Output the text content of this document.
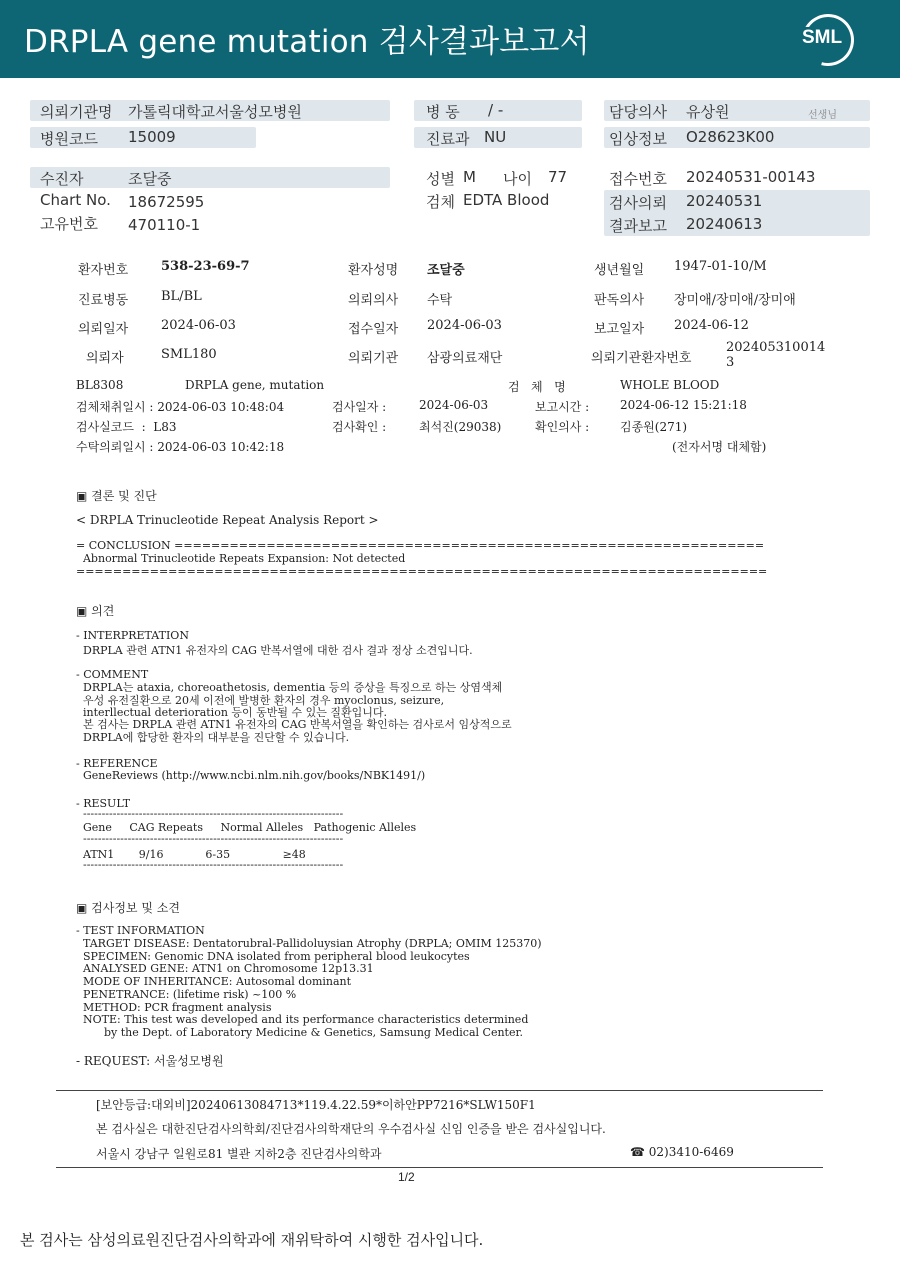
DRPLA gene mutation 검사결과보고서	SML
의뢰기관명 가톨릭대학교서울성모병원	병 동 / -	담당의사 유상원	선생님
병원코드 15009	진료과 NU	임상정보 O28623K00
수진자	조달중	성별 M 나이 77	접수번호 20240531-00143
Chart No. 18672595	검체 EDTA Blood	검사의뢰 20240531
고유번호 470110-1	결과보고 20240613
환자번호	538-23-69-7	환자성명 조달중	생년월일 1947-01-10/M
진료병동	BL/BL	의뢰의사 수탁	판독의사 장미애/장미애/장미애
의뢰일자	2024-06-03	접수일자 2024-06-03	보고일자 2024-06-12
의뢰자	SML180	의뢰기관 삼광의료재단	의뢰기관환자번호
202405310014
3
BL8308	DRPLA gene, mutation	검   체   명	WHOLE BLOOD
검체채취일시 : 2024-06-03 10:48:04	검사일자 :	2024-06-03	보고시간 :	2024-06-12 15:21:18
검사실코드  :  L83	검사확인 :	최석진(29038)	확인의사 :	김종원(271)
수탁의뢰일시 : 2024-06-03 10:42:18	(전자서명 대체함)
▣ 결론 및 진단
< DRPLA Trinucleotide Repeat Analysis Report >
= CONCLUSION ================================================================
Abnormal Trinucleotide Repeats Expansion: Not detected
===========================================================================
▣ 의견
- INTERPRETATION
DRPLA 관련 ATN1 유전자의 CAG 반복서열에 대한 검사 결과 정상 소견입니다.
- COMMENT
DRPLA는 ataxia, choreoathetosis, dementia 등의 증상을 특징으로 하는 상염색체
우성 유전질환으로 20세 이전에 발병한 환자의 경우 myoclonus, seizure,
interllectual deterioration 등이 동반될 수 있는 질환입니다.
본 검사는 DRPLA 관련 ATN1 유전자의 CAG 반복서열을 확인하는 검사로서 임상적으로
DRPLA에 합당한 환자의 대부분을 진단할 수 있습니다.
- REFERENCE
GeneReviews (http://www.ncbi.nlm.nih.gov/books/NBK1491/)
- RESULT
----------------------------------------------------------------------
Gene     CAG Repeats     Normal Alleles   Pathogenic Alleles
----------------------------------------------------------------------
ATN1       9/16            6-35               ≥48
----------------------------------------------------------------------
▣ 검사정보 및 소견
- TEST INFORMATION
TARGET DISEASE: Dentatorubral-Pallidoluysian Atrophy (DRPLA; OMIM 125370)
SPECIMEN: Genomic DNA isolated from peripheral blood leukocytes
ANALYSED GENE: ATN1 on Chromosome 12p13.31
MODE OF INHERITANCE: Autosomal dominant
PENETRANCE: (lifetime risk) ~100 %
METHOD: PCR fragment analysis
NOTE: This test was developed and its performance characteristics determined
by the Dept. of Laboratory Medicine & Genetics, Samsung Medical Center.
- REQUEST: 서울성모병원
[보안등급:대외비]20240613084713*119.4.22.59*이하안PP7216*SLW150F1
본 검사실은 대한진단검사의학회/진단검사의학재단의 우수검사실 신임 인증을 받은 검사실입니다.
서울시 강남구 일원로81 별관 지하2층 진단검사의학과	☎ 02)3410-6469
1/2
본 검사는 삼성의료원진단검사의학과에 재위탁하여 시행한 검사입니다.
